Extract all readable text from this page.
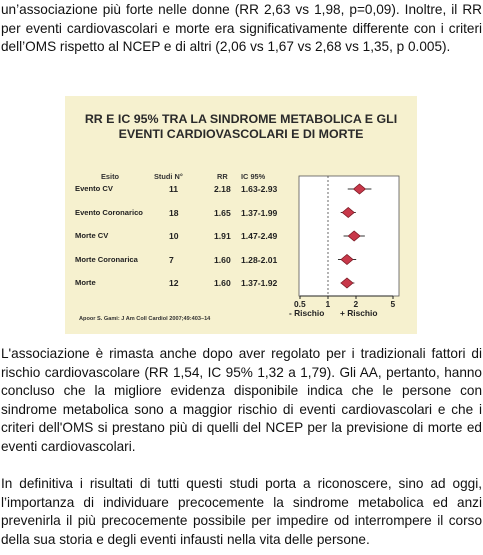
un’associazione più forte nelle donne (RR 2,63 vs 1,98, p=0,09). Inoltre, il RR per eventi cardiovascolari e morte era significativamente differente con i criteri dell’OMS rispetto al NCEP e di altri (2,06 vs 1,67 vs 2,68 vs 1,35, p 0.005).

RR E IC 95% TRA LA SINDROME METABOLICA E GLI
EVENTI CARDIOVASCOLARI E DI MORTE
Esito	Studi N°	RR IC 95%
Evento CV	11	2.18 1.63-2.93
Evento Coronarico	18	1.65 1.37-1.99
Morte CV	10	1.91 1.47-2.49
Morte Coronarica	7	1.60 1.28-2.01
Morte	12	1.60 1.37-1.92
0.5 1	2	5
- Rischio + Rischio
Apoor S. Gami: J Am Coll Cardiol 2007;49:403–14

L'associazione è rimasta anche dopo aver regolato per i tradizionali fattori di rischio cardiovascolare (RR 1,54, IC 95% 1,32 a 1,79). Gli AA, pertanto, hanno concluso che la migliore evidenza disponibile indica che le persone con sindrome metabolica sono a maggior rischio di eventi cardiovascolari e che i criteri dell'OMS si prestano più di quelli del NCEP per la previsione di morte ed eventi cardiovascolari.

In definitiva i risultati di tutti questi studi porta a riconoscere, sino ad oggi, l’importanza di individuare precocemente la sindrome metabolica ed anzi prevenirla il più precocemente possibile per impedire od interrompere il corso della sua storia e degli eventi infausti nella vita delle persone.
